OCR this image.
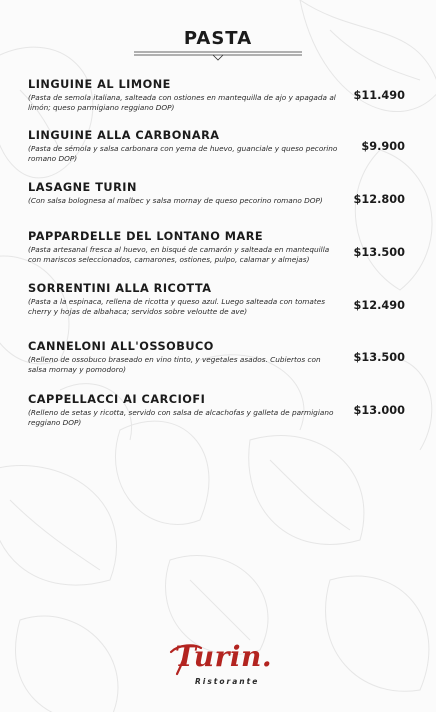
PASTA
LINGUINE AL LIMONE
(Pasta de semola italiana, salteada con ostiones en mantequilla de ajo y apagada al limón; queso parmigiano reggiano DOP)
$11.490
LINGUINE ALLA CARBONARA
(Pasta de sémola y salsa carbonara con yema de huevo, guanciale y queso pecorino romano DOP)
$9.900
LASAGNE TURIN
(Con salsa bolognesa al malbec y salsa mornay de queso pecorino romano DOP)	$12.800
PAPPARDELLE DEL LONTANO MARE
(Pasta artesanal fresca al huevo, en bisqué de camarón y salteada en mantequilla con mariscos seleccionados, camarones, ostiones, pulpo, calamar y almejas)
$13.500
SORRENTINI ALLA RICOTTA
(Pasta a la espinaca, rellena de ricotta y queso azul. Luego salteada con tomates cherry y hojas de albahaca; servidos sobre veloutte de ave)	$12.490
CANNELONI ALL'OSSOBUCO
(Relleno de ossobuco braseado en vino tinto, y vegetales asados. Cubiertos con salsa mornay y pomodoro)
$13.500
CAPPELLACCI AI CARCIOFI
(Relleno de setas y ricotta, servido con salsa de alcachofas y galleta de parmigiano reggiano DOP)
$13.000
Turin.
Ristorante
